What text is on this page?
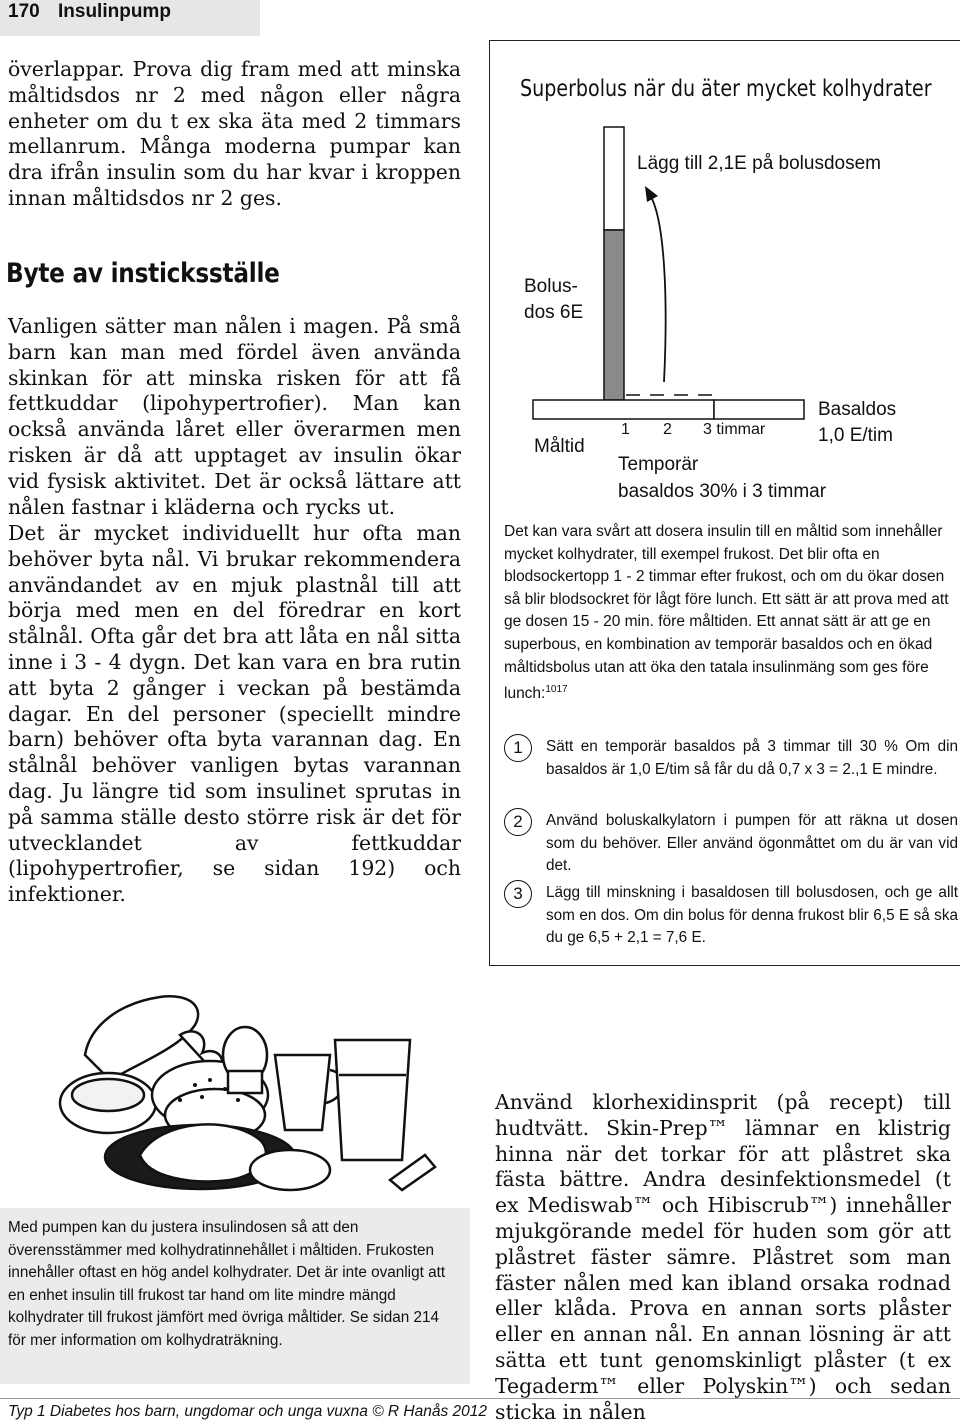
170 Insulinpump

överlappar. Prova dig fram med att minska måltidsdos nr 2 med någon eller några enheter om du t ex ska äta med 2 timmars mellanrum. Många moderna pumpar kan dra ifrån insulin som du har kvar i kroppen innan måltidsdos nr 2 ges.

Byte av insticksställe

Vanligen sätter man nålen i magen. På små barn kan man med fördel även använda skinkan för att minska risken för att få fettkuddar (lipohypertrofier). Man kan också använda låret eller överarmen men risken är då att upptaget av insulin ökar vid fysisk aktivitet. Det är också lättare att nålen fastnar i kläderna och rycks ut.

Det är mycket individuellt hur ofta man behöver byta nål. Vi brukar rekommendera användandet av en mjuk plastnål till att börja med men en del föredrar en kort stålnål. Ofta går det bra att låta en nål sitta inne i 3 - 4 dygn. Det kan vara en bra rutin att byta 2 gånger i veckan på bestämda dagar. En del personer (speciellt mindre barn) behöver ofta byta varannan dag. En stålnål behöver vanligen bytas varannan dag. Ju längre tid som insulinet sprutas in på samma ställe desto större risk är det för utvecklandet av fettkuddar (lipohypertrofier, se sidan 192) och infektioner.

Superbolus när du äter mycket kolhydrater
Lägg till 2,1E på bolusdosem
Bolus-
dos 6E
Måltid
1 2 3 timmar
Basaldos
1,0 E/tim
Temporär
basaldos 30% i 3 timmar

Det kan vara svårt att dosera insulin till en måltid som innehåller mycket kolhydrater, till exempel frukost. Det blir ofta en blodsockertopp 1 - 2 timmar efter frukost, och om du ökar dosen så blir blodsockret för lågt före lunch. Ett sätt är att prova med att ge dosen 15 - 20 min. före måltiden. Ett annat sätt är att ge en superbous, en kombination av temporär basaldos och en ökad måltidsbolus utan att öka den tatala insulinmäng som ges före lunch:$^{1017}$

1	Sätt en temporär basaldos på 3 timmar till 30 % Om din basaldos är 1,0 E/tim så får du då 0,7 x 3 = 2.,1 E mindre.

2	Använd boluskalkylatorn i pumpen för att räkna ut dosen som du behöver. Eller använd ögonmåttet om du är van vid det.

3	Lägg till minskning i basaldosen till bolusdosen, och ge allt som en dos. Om din bolus för denna frukost blir 6,5 E så ska du ge 6,5 + 2,1 = 7,6 E.

Med pumpen kan du justera insulindosen så att den överensstämmer med kolhydratinnehållet i måltiden. Frukosten innehåller oftast en hög andel kolhydrater. Det är inte ovanligt att en enhet insulin till frukost tar hand om lite mindre mängd kolhydrater till frukost jämfört med övriga måltider. Se sidan 214 för mer information om kolhydraträkning.

Använd klorhexidinsprit (på recept) till hudtvätt. Skin-Prep™ lämnar en klistrig hinna när det torkar för att plåstret ska fästa bättre. Andra desinfektionsmedel (t ex Mediswab™ och Hibiscrub™) innehåller mjukgörande medel för huden som gör att plåstret fäster sämre. Plåstret som man fäster nålen med kan ibland orsaka rodnad eller klåda. Prova en annan sorts plåster eller en annan nål. En annan lösning är att sätta ett tunt genomskinligt plåster (t ex Tegaderm™ eller Polyskin™) och sedan sticka in nålen

Typ 1 Diabetes hos barn, ungdomar och unga vuxna © R Hanås 2012
